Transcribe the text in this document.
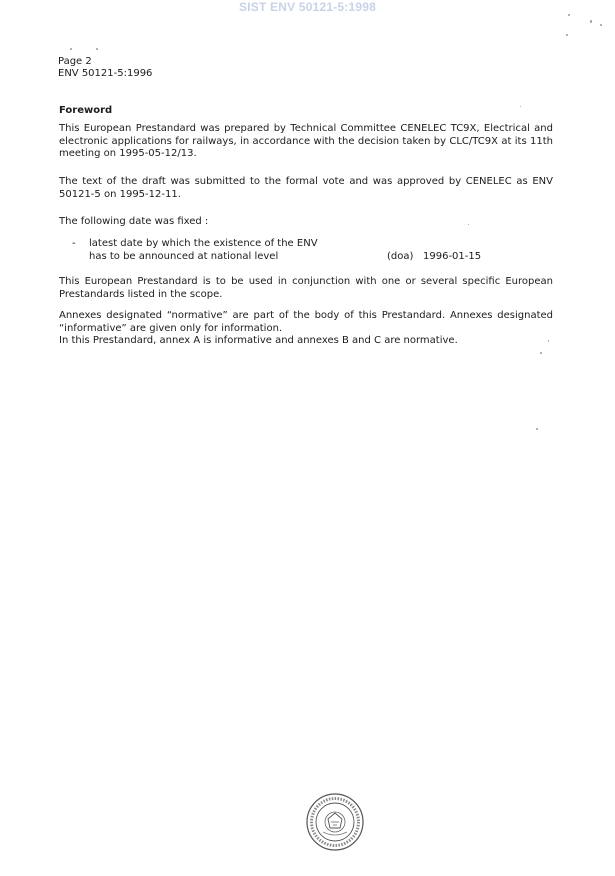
SIST ENV 50121-5:1998
Page 2
ENV 50121-5:1996
Foreword
This European Prestandard was prepared by Technical Committee CENELEC TC9X, Electrical and electronic applications for railways, in accordance with the decision taken by CLC/TC9X at its 11th meeting on 1995-05-12/13.
The text of the draft was submitted to the formal vote and was approved by CENELEC as ENV 50121-5 on 1995-12-11.
The following date was fixed :
- latest date by which the existence of the ENV
has to be announced at national level	(doa) 1996-01-15
This European Prestandard is to be used in conjunction with one or several specific European Prestandards listed in the scope.
Annexes designated “normative” are part of the body of this Prestandard. Annexes designated “informative” are given only for information.
In this Prestandard, annex A is informative and annexes B and C are normative.
